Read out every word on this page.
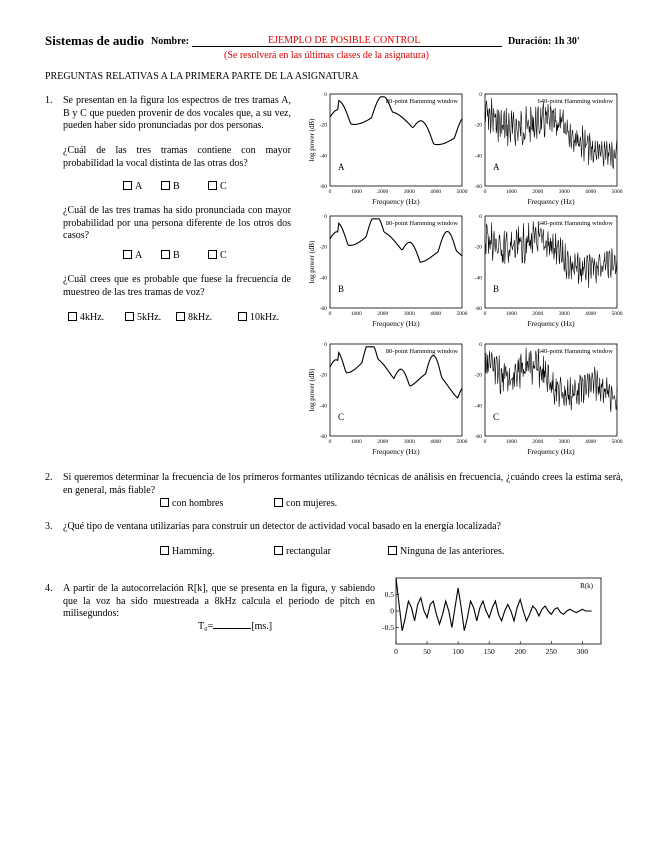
Sistemas de audio Nombre:	EJEMPLO DE POSIBLE CONTROL	Duración: 1h 30'
(Se resolverá en las últimas clases de la asignatura)
PREGUNTAS RELATIVAS A LA PRIMERA PARTE DE LA ASIGNATURA
1. Se presentan en la figura los espectros de tres tramas A, B y C que pueden provenir de dos vocales que, a su vez, pueden haber sido pronunciadas por dos personas.
¿Cuál de las tres tramas contiene con mayor probabilidad la vocal distinta de las otras dos?
A	B	C
¿Cuál de las tres tramas ha sido pronunciada con mayor probabilidad por una persona diferente de los otros dos casos?
A	B	C
¿Cuál crees que es probable que fuese la frecuencia de muestreo de las tres tramas de voz?
4kHz.	5kHz.	8kHz.	10kHz.
80-point Hamming window
0
-20
-40
-60
0	1000	2000	3000	4000	5000
Frequency (Hz)
log power (dB)
A
640-point Hamming window
0
-20
-40
-60
0	1000	2000	3000	4000	5000
Frequency (Hz)
A
80-point Hamming window
0
-20
-40
-60
0	1000	2000	3000	4000	5000
Frequency (Hz)
log power (dB)
B
640-point Hamming window
0
-20
-40
-60
0	1000	2000	3000	4000	5000
Frequency (Hz)
B
80-point Hamming window
0
-20
-40
-60
0	1000	2000	3000	4000	5000
Frequency (Hz)
log power (dB)
C
640-point Hamming window
0
-20
-40
-60
0	1000	2000	3000	4000	5000
Frequency (Hz)
C
2. Si queremos determinar la frecuencia de los primeros formantes utilizando técnicas de análisis en frecuencia, ¿cuándo crees la estima será, en general, más fiable?
con hombres	con mujeres.
3. ¿Qué tipo de ventana utilizarías para construir un detector de actividad vocal basado en la energía localizada?
Hamming.	rectangular	Ninguna de las anteriores.
4. A partir de la autocorrelación R[k], que se presenta en la figura, y sabiendo que la voz ha sido muestreada a 8kHz calcula el periodo de pitch en milisegundos:
T₀=	[ms.]
0.5
0
-0.5
0	50	100	150	200	250	300
R(k)
